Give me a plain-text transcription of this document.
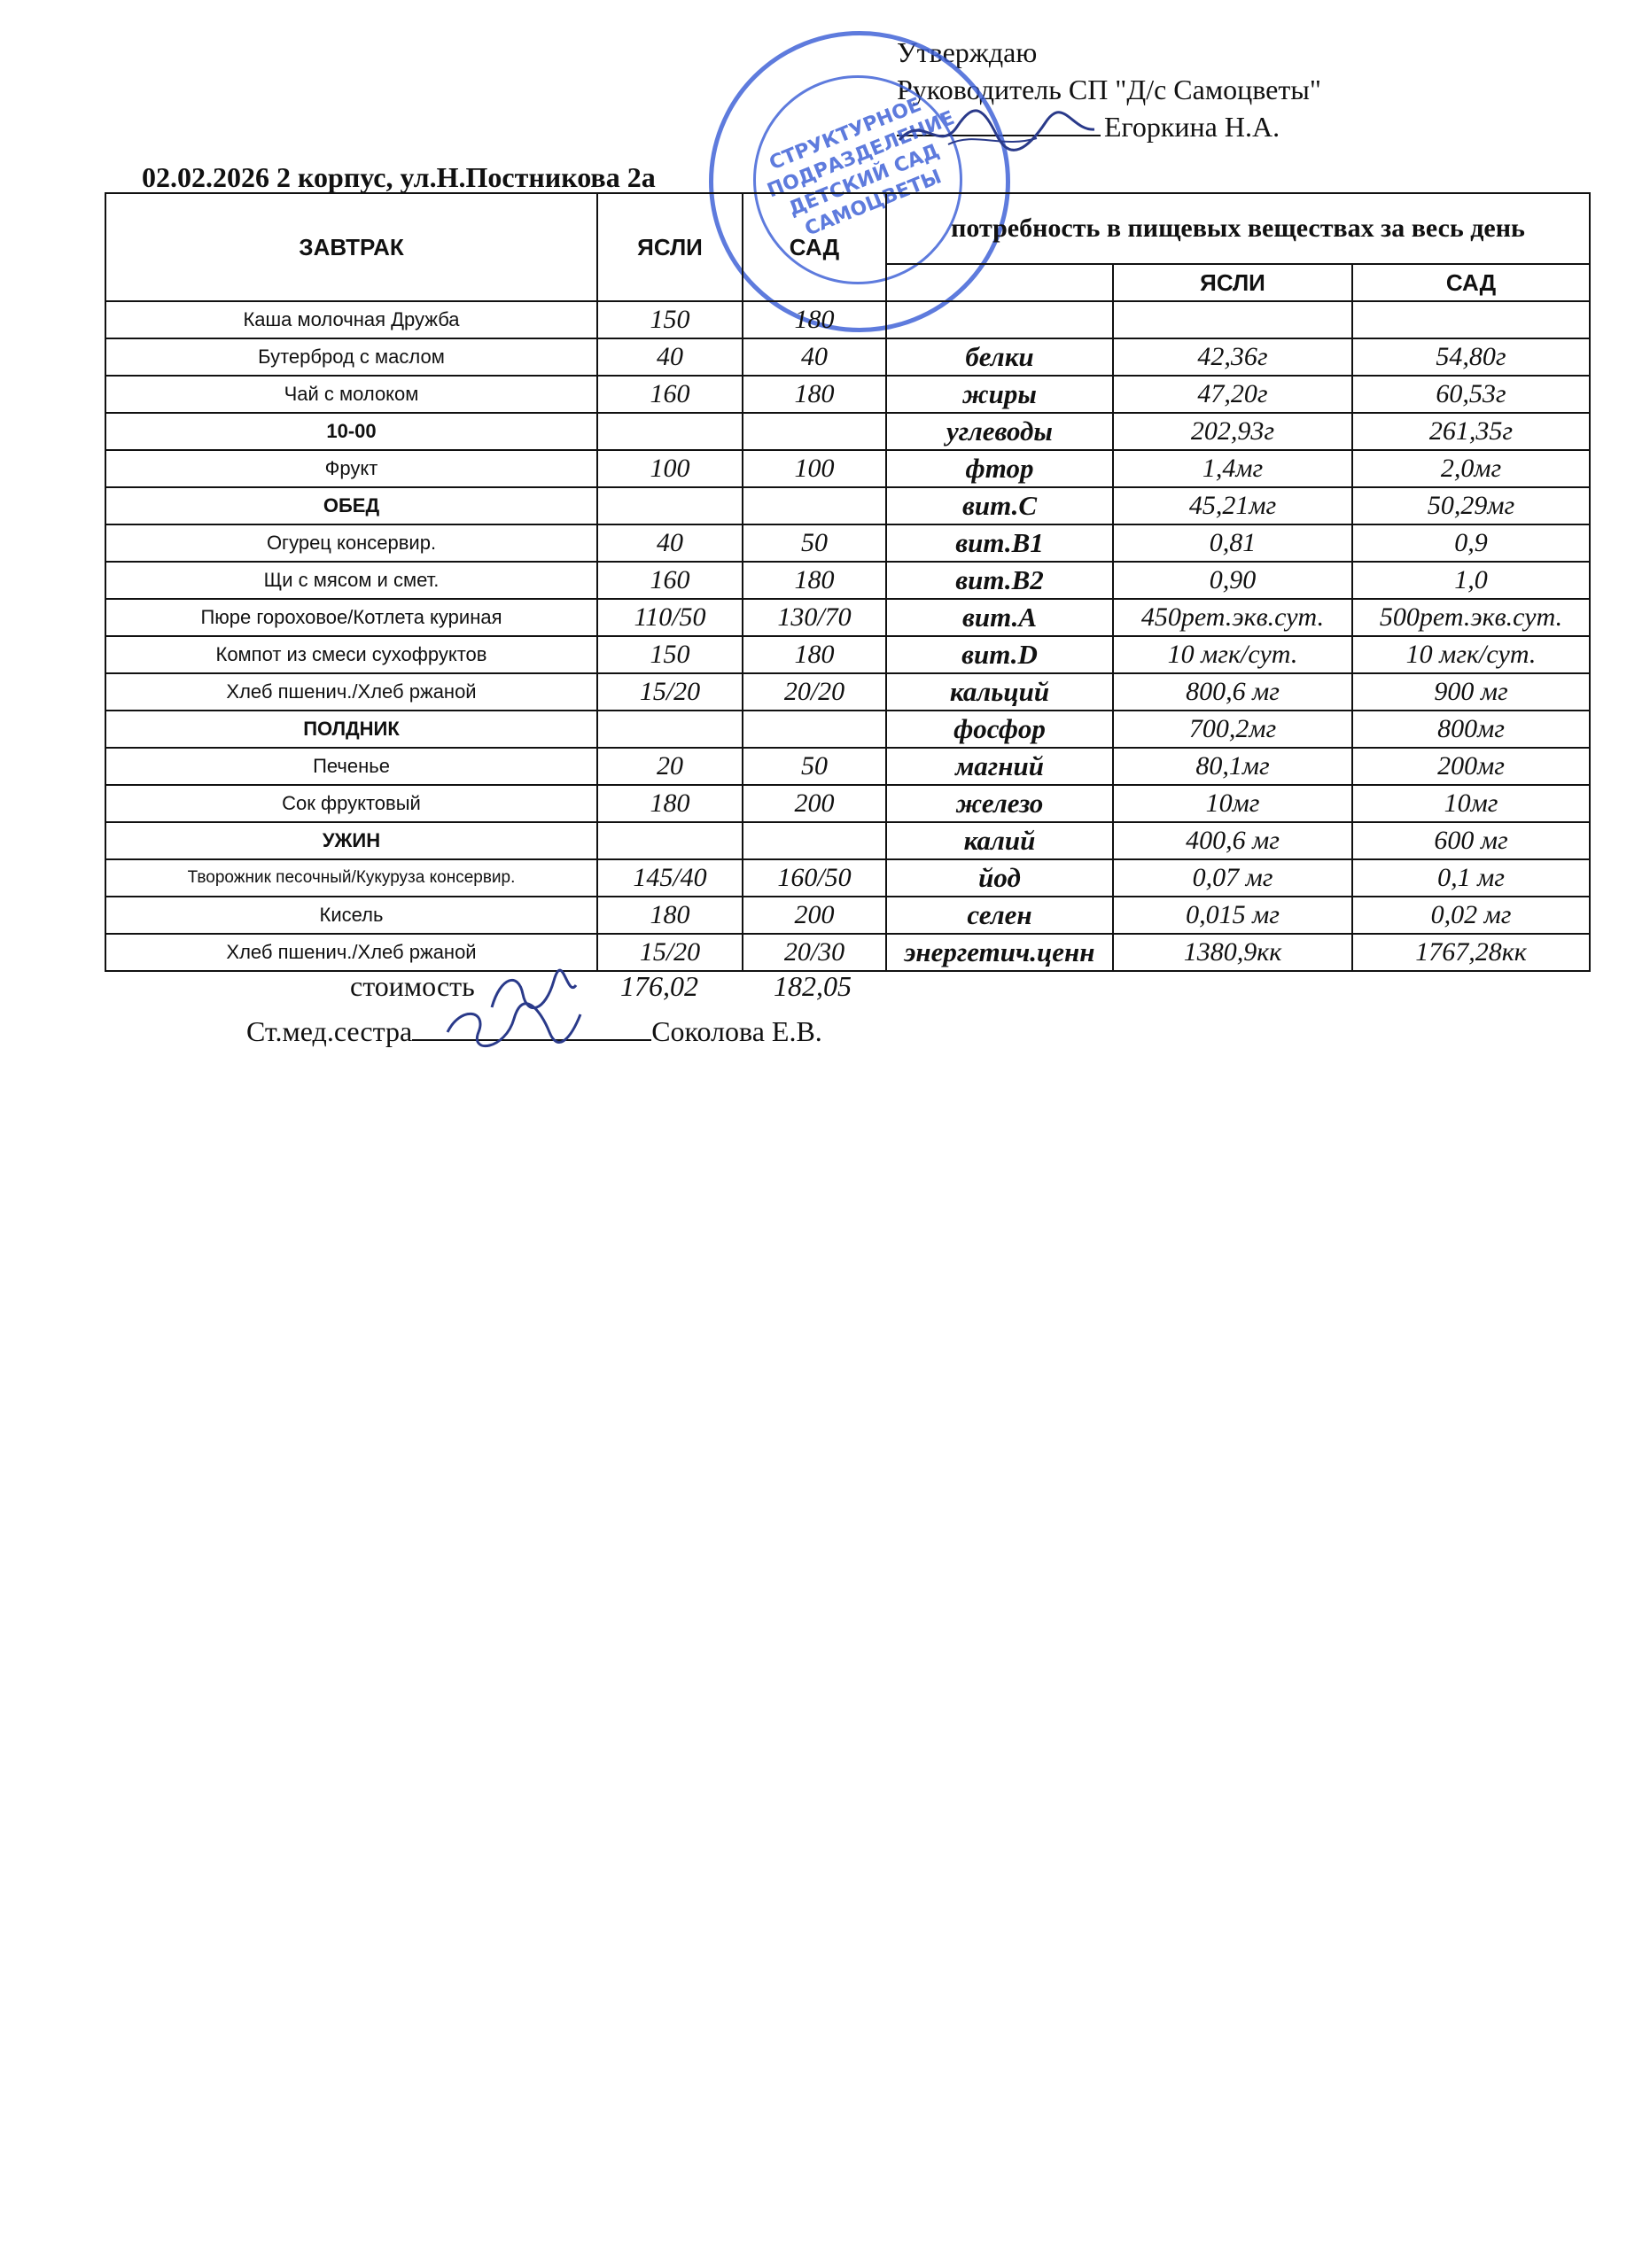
Утверждаю
Руководитель СП "Д/с Самоцветы"
Егоркина Н.А.
СТРУКТУРНОЕ ПОДРАЗДЕЛЕНИЕ ДЕТСКИЙ САД САМОЦВЕТЫ
02.02.2026 2 корпус, ул.Н.Постникова 2а
ЗАВТРАК	ЯСЛИ	САД	потребность в пищевых веществах за весь день		
				ЯСЛИ	САД
Каша молочная Дружба	150	180			
Бутерброд с маслом	40	40	белки	42,36г	54,80г
Чай с молоком	160	180	жиры	47,20г	60,53г
10-00			углеводы	202,93г	261,35г
Фрукт	100	100	фтор	1,4мг	2,0мг
ОБЕД			вит.С	45,21мг	50,29мг
Огурец консервир.	40	50	вит.В1	0,81	0,9
Щи с мясом и смет.	160	180	вит.В2	0,90	1,0
Пюре гороховое/Котлета куриная	110/50	130/70	вит.А	450рет.экв.сут.	500рет.экв.сут.
Компот из смеси сухофруктов	150	180	вит.D	10 мгк/сут.	10 мгк/сут.
Хлеб пшенич./Хлеб ржаной	15/20	20/20	кальций	800,6 мг	900 мг
ПОЛДНИК			фосфор	700,2мг	800мг
Печенье	20	50	магний	80,1мг	200мг
Сок фруктовый	180	200	железо	10мг	10мг
УЖИН			калий	400,6 мг	600 мг
Творожник песочный/Кукуруза консервир.	145/40	160/50	йод	0,07 мг	0,1 мг
Кисель	180	200	селен	0,015 мг	0,02 мг
Хлеб пшенич./Хлеб ржаной	15/20	20/30	энергетич.ценн	1380,9кк	1767,28кк
стоимость	176,02	182,05
Ст.мед.сестра	Соколова Е.В.
